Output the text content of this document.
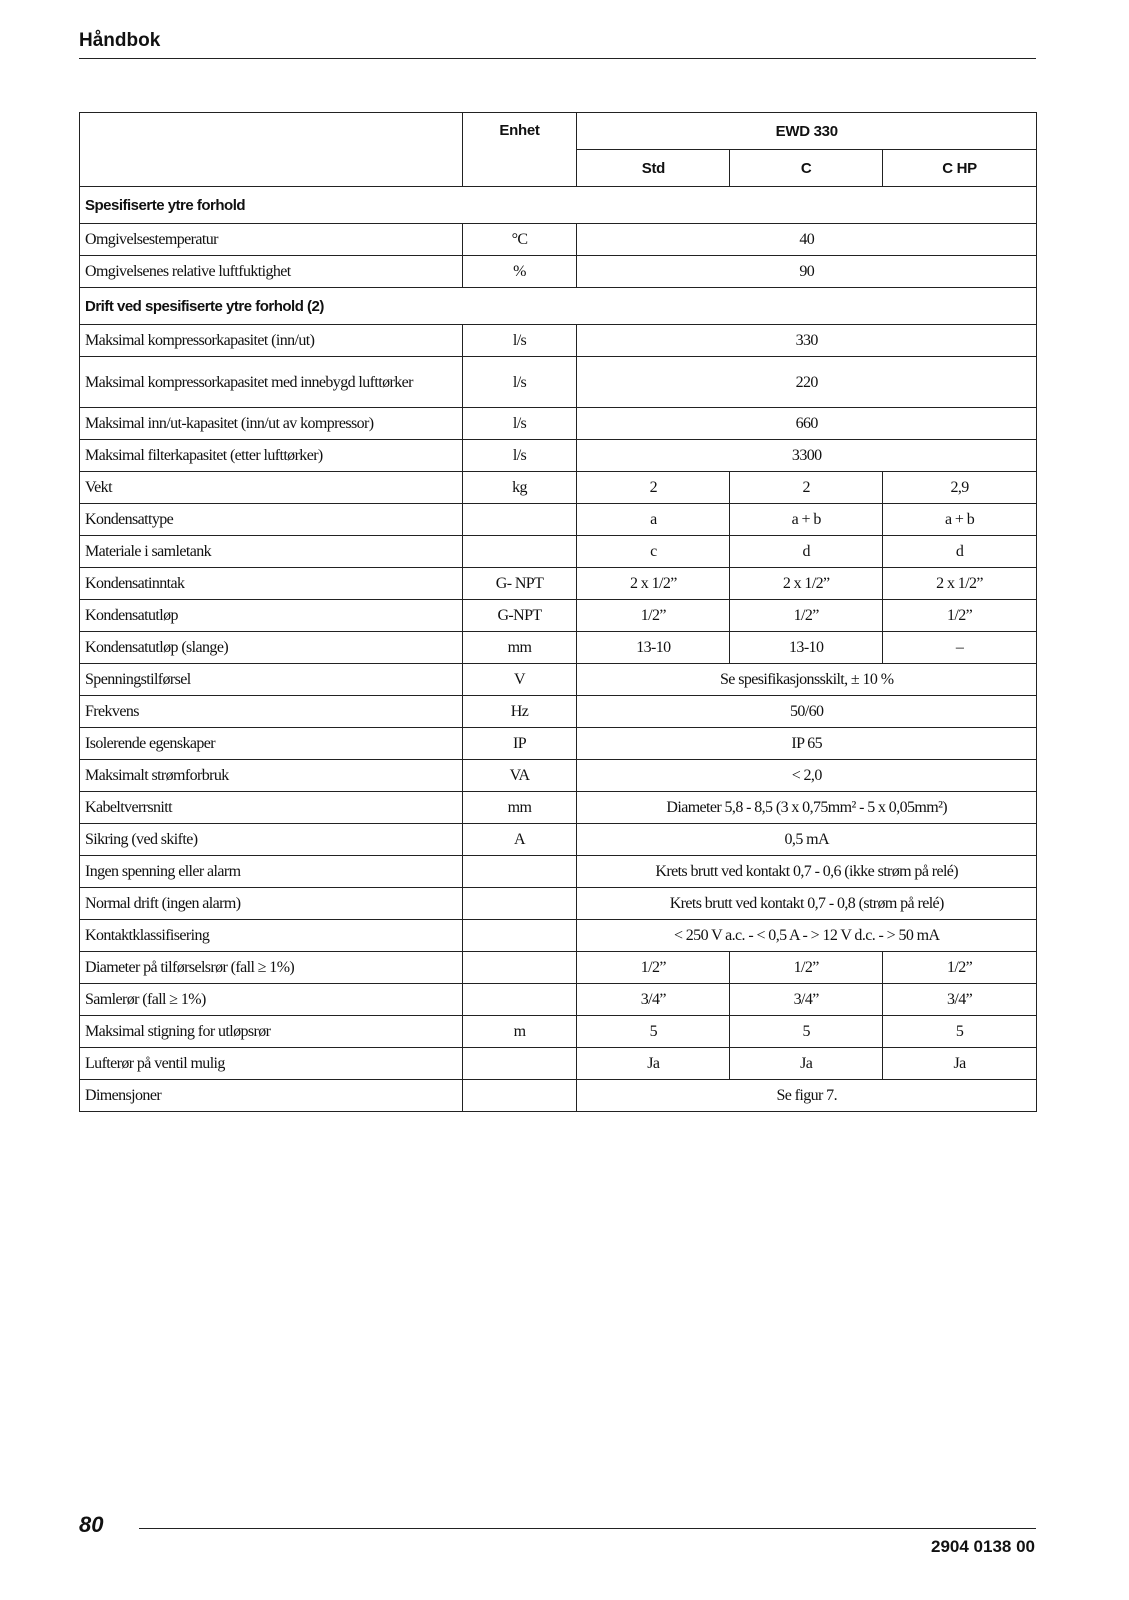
Håndbok
	Enhet	EWD 330		
		Std	C	C HP
Spesifiserte ytre forhold				
Omgivelsestemperatur	°C	40		
Omgivelsenes relative luftfuktighet	%	90		
Drift ved spesifiserte ytre forhold (2)				
Maksimal kompressorkapasitet (inn/ut)	l/s	330		
Maksimal kompressorkapasitet med innebygd lufttørker	l/s	220		
Maksimal inn/ut-kapasitet (inn/ut av kompressor)	l/s	660		
Maksimal filterkapasitet (etter lufttørker)	l/s	3300		
Vekt	kg	2	2	2,9
Kondensattype		a	a + b	a + b
Materiale i samletank		c	d	d
Kondensatinntak	G- NPT	2 x 1/2”	2 x 1/2”	2 x 1/2”
Kondensatutløp	G-NPT	1/2”	1/2”	1/2”
Kondensatutløp (slange)	mm	13-10	13-10	–
Spenningstilførsel	V	Se spesifikasjonsskilt, ± 10 %		
Frekvens	Hz	50/60		
Isolerende egenskaper	IP	IP 65		
Maksimalt strømforbruk	VA	< 2,0		
Kabeltverrsnitt	mm	Diameter 5,8 - 8,5 (3 x 0,75mm² - 5 x 0,05mm²)		
Sikring (ved skifte)	A	0,5 mA		
Ingen spenning eller alarm		Krets brutt ved kontakt 0,7 - 0,6 (ikke strøm på relé)		
Normal drift (ingen alarm)		Krets brutt ved kontakt 0,7 - 0,8 (strøm på relé)		
Kontaktklassifisering		< 250 V a.c. - < 0,5 A - > 12 V d.c. - > 50 mA		
Diameter på tilførselsrør (fall ≥ 1%)		1/2”	1/2”	1/2”
Samlerør (fall ≥ 1%)		3/4”	3/4”	3/4”
Maksimal stigning for utløpsrør	m	5	5	5
Lufterør på ventil mulig		Ja	Ja	Ja
Dimensjoner		Se figur 7.		
80
2904 0138 00
